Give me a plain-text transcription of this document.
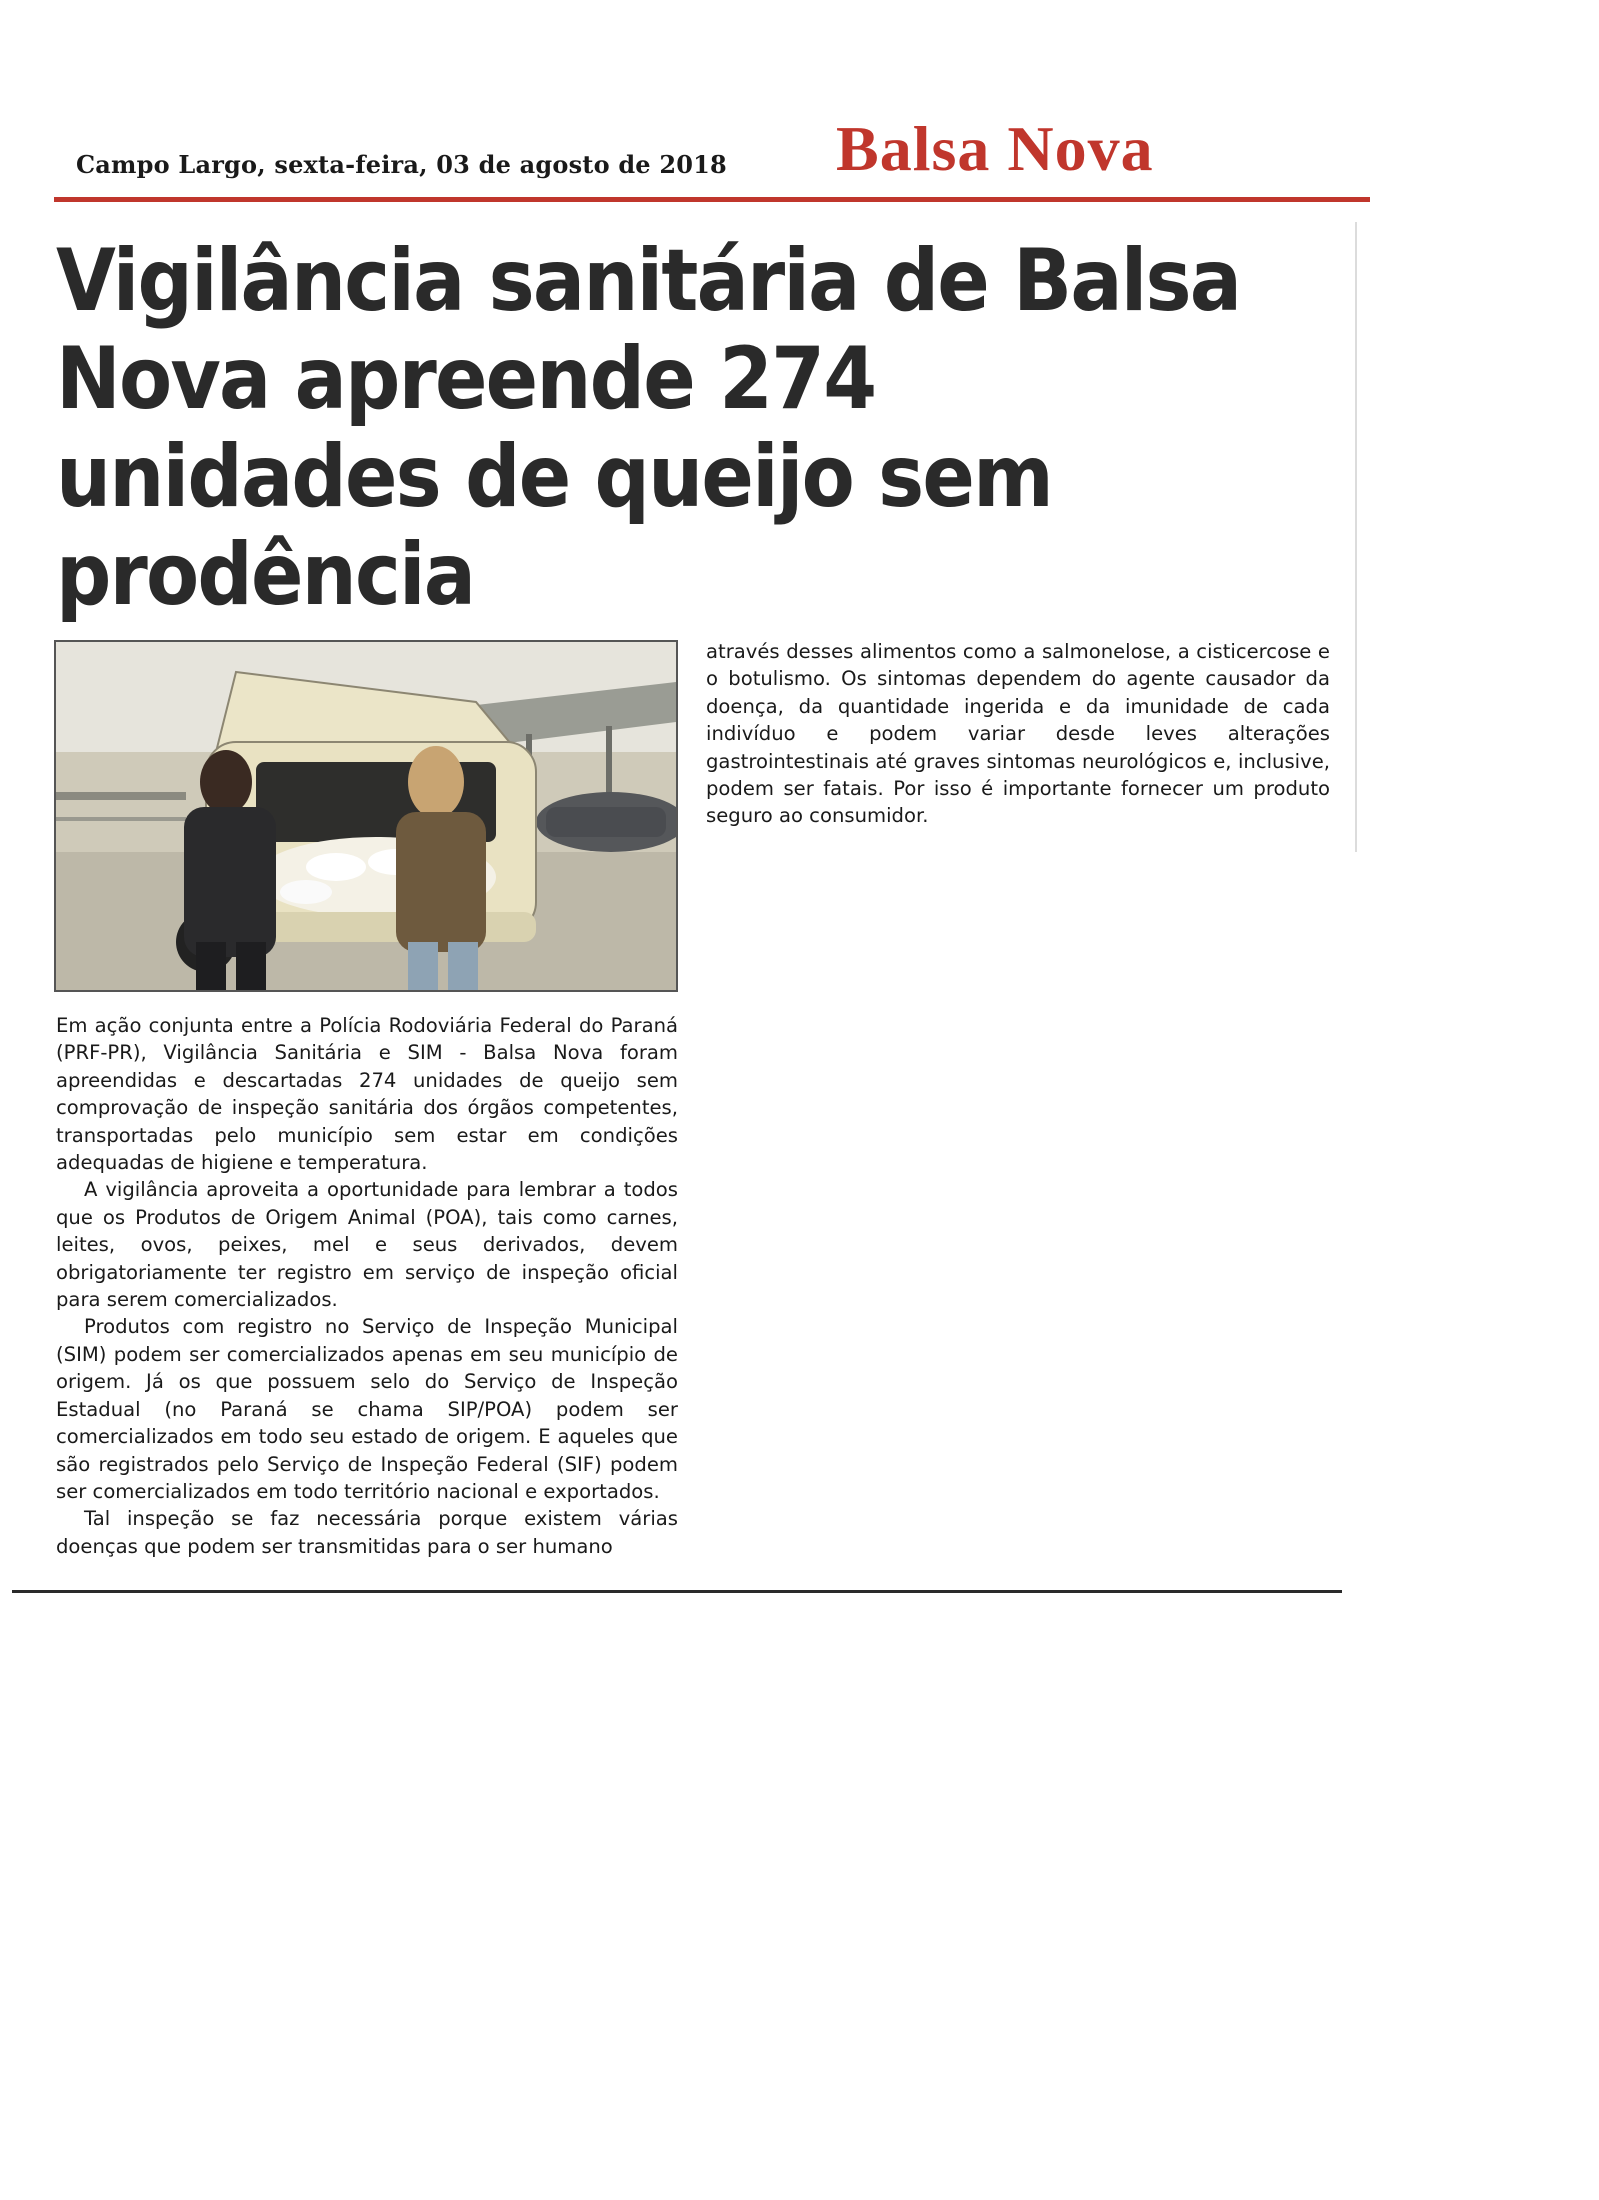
Campo Largo, sexta-feira, 03 de agosto de 2018 Balsa Nova
Vigilância sanitária de Balsa Nova apreende 274 unidades de queijo sem prodência

Em ação conjunta entre a Polícia Rodoviária Federal do Paraná (PRF-PR), Vigilância Sanitária e SIM - Balsa Nova foram apreendidas e descartadas 274 unidades de queijo sem comprovação de inspeção sanitária dos órgãos competentes, transportadas pelo município sem estar em condições adequadas de higiene e temperatura.

A vigilância aproveita a oportunidade para lembrar a todos que os Produtos de Origem Animal (POA), tais como carnes, leites, ovos, peixes, mel e seus derivados, devem obrigatoriamente ter registro em serviço de inspeção oficial para serem comercializados.

Produtos com registro no Serviço de Inspeção Municipal (SIM) podem ser comercializados apenas em seu município de origem. Já os que possuem selo do Serviço de Inspeção Estadual (no Paraná se chama SIP/POA) podem ser comercializados em todo seu estado de origem. E aqueles que são registrados pelo Serviço de Inspeção Federal (SIF) podem ser comercializados em todo território nacional e exportados.

Tal inspeção se faz necessária porque existem várias doenças que podem ser transmitidas para o ser humano

através desses alimentos como a salmonelose, a cisticercose e o botulismo. Os sintomas dependem do agente causador da doença, da quantidade ingerida e da imunidade de cada indivíduo e podem variar desde leves alterações gastrointestinais até graves sintomas neurológicos e, inclusive, podem ser fatais. Por isso é importante fornecer um produto seguro ao consumidor.
